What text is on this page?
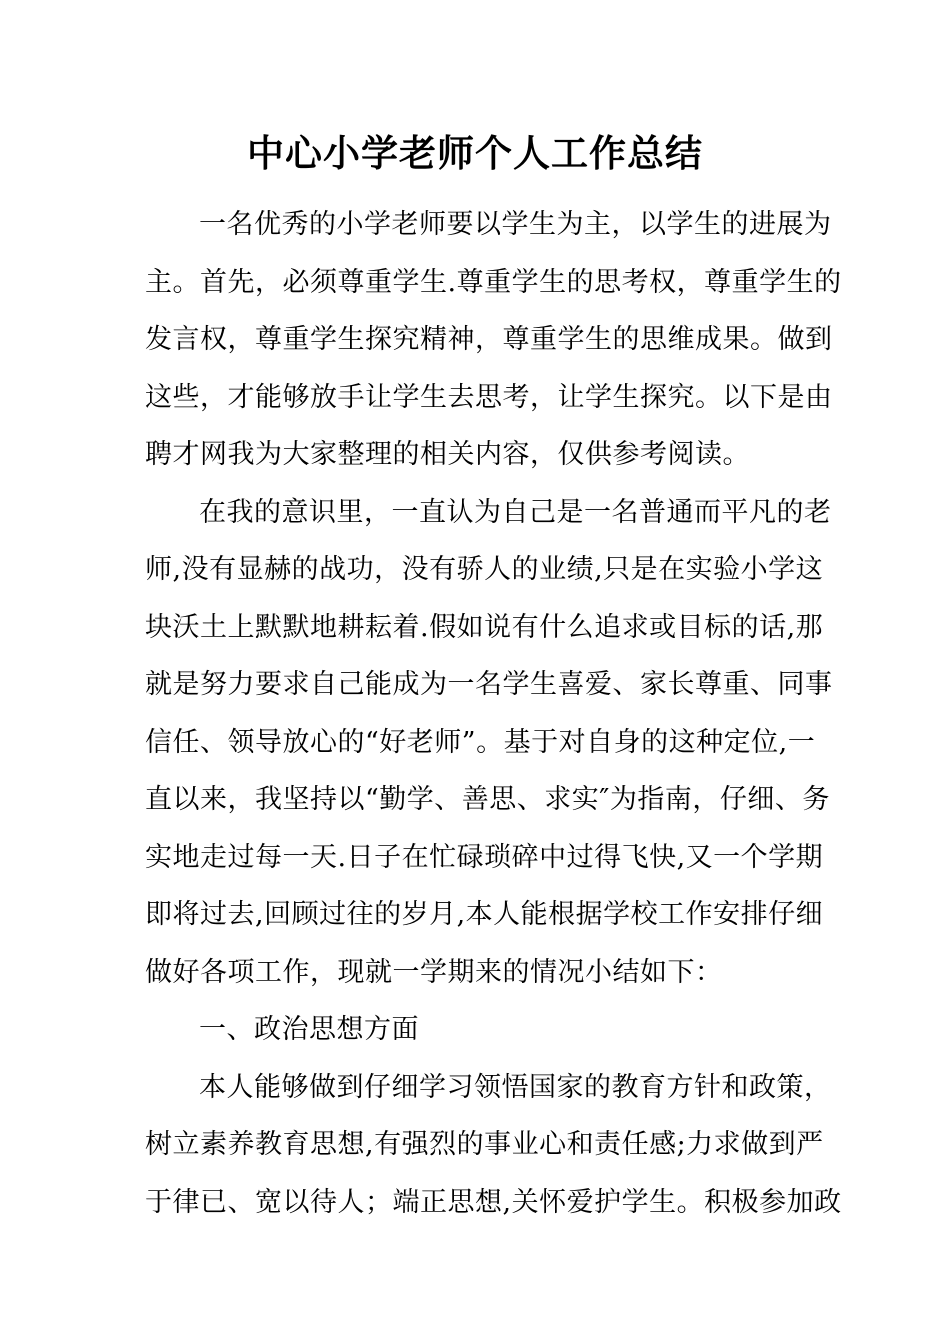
中心小学老师个人工作总结
一名优秀的小学老师要以学生为主，以学生的进展为
主。首先，必须尊重学生.尊重学生的思考权，尊重学生的
发言权，尊重学生探究精神，尊重学生的思维成果。做到
这些，才能够放手让学生去思考，让学生探究。以下是由
聘才网我为大家整理的相关内容，仅供参考阅读。
在我的意识里，一直认为自己是一名普通而平凡的老
师,没有显赫的战功，没有骄人的业绩,只是在实验小学这
块沃土上默默地耕耘着.假如说有什么追求或目标的话,那
就是努力要求自己能成为一名学生喜爱、家长尊重、同事
信任、领导放心的“好老师”。基于对自身的这种定位,一
直以来，我坚持以“勤学、善思、求实″为指南，仔细、务
实地走过每一天.日子在忙碌琐碎中过得飞快,又一个学期
即将过去,回顾过往的岁月,本人能根据学校工作安排仔细
做好各项工作，现就一学期来的情况小结如下：
一、政治思想方面
本人能够做到仔细学习领悟国家的教育方针和政策，
树立素养教育思想,有强烈的事业心和责任感;力求做到严
于律已、宽以待人；端正思想,关怀爱护学生。积极参加政
